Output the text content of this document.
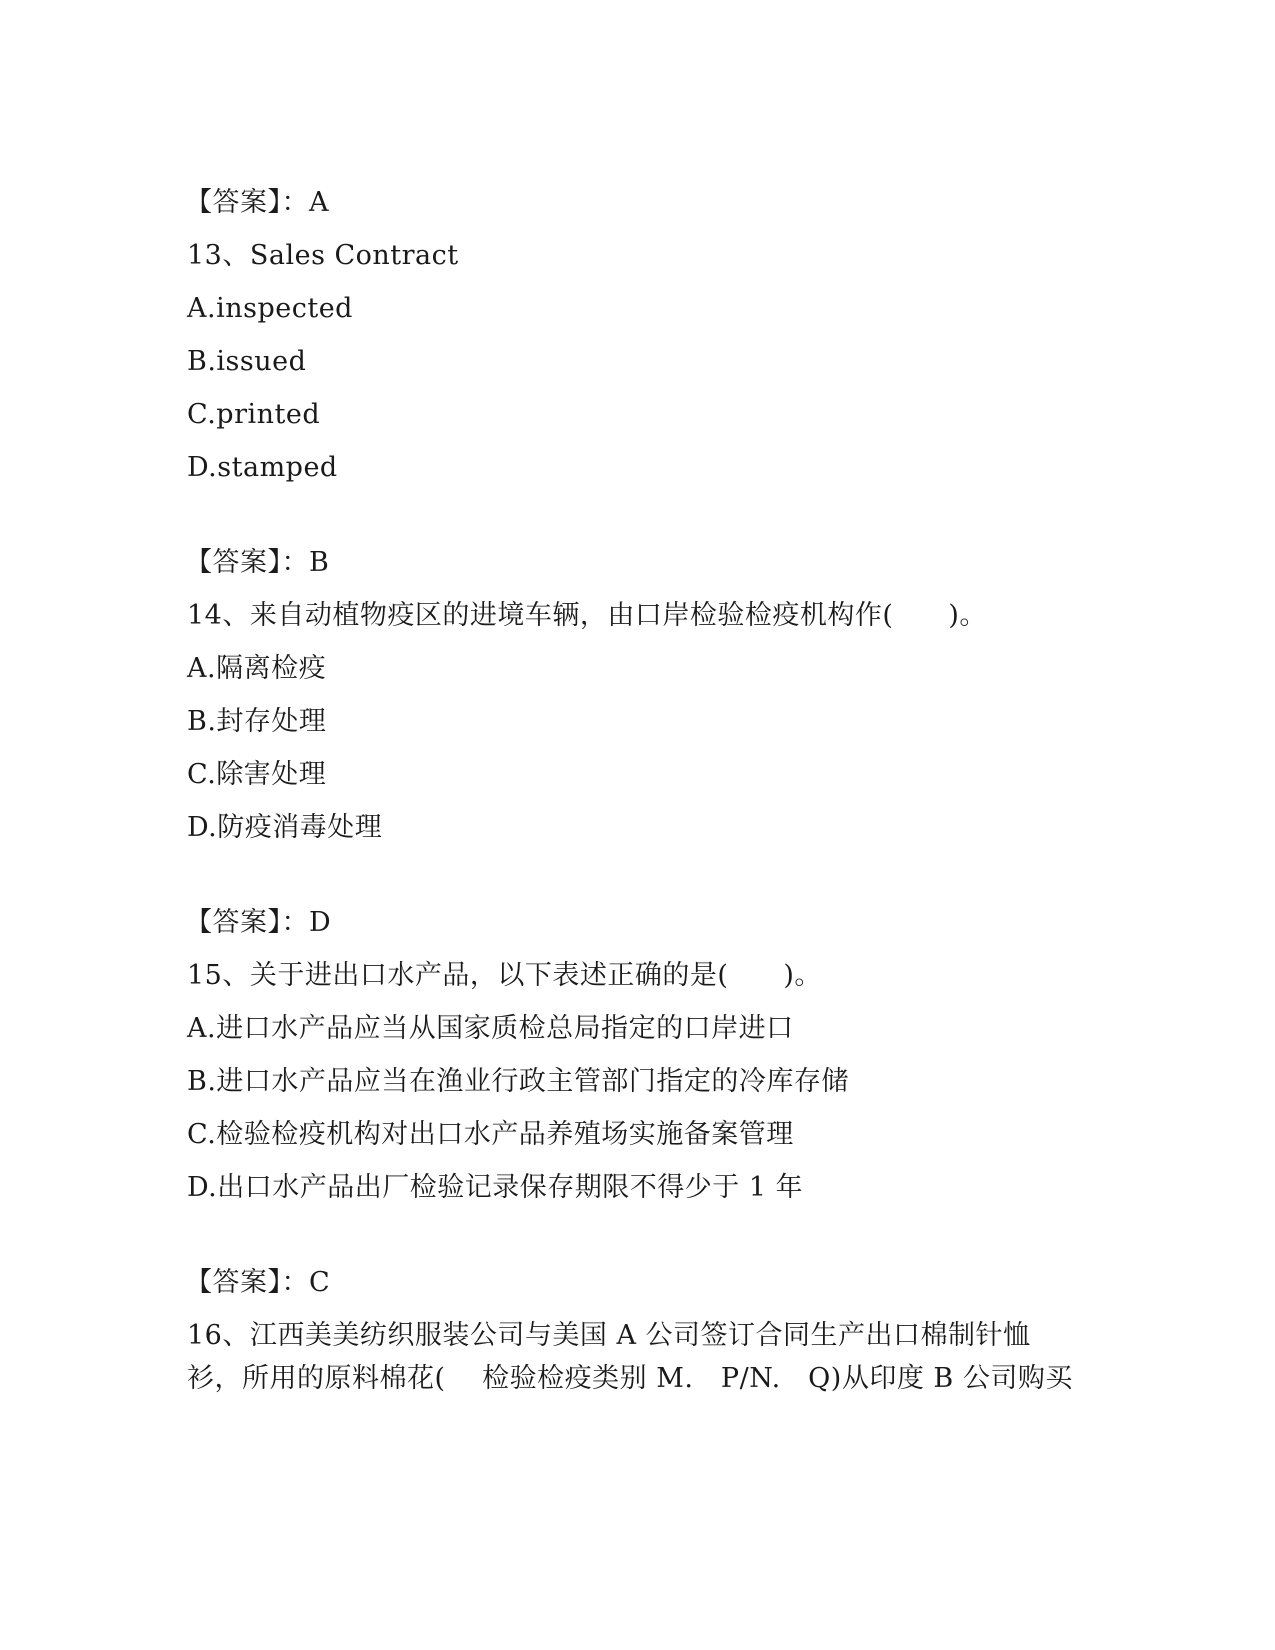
【答案】：A
13、Sales Contract
A.inspected
B.issued
C.printed
D.stamped
【答案】：B
14、来自动植物疫区的进境车辆，由口岸检验检疫机构作(　　)。
A.隔离检疫
B.封存处理
C.除害处理
D.防疫消毒处理
【答案】：D
15、关于进出口水产品，以下表述正确的是(　　)。
A.进口水产品应当从国家质检总局指定的口岸进口
B.进口水产品应当在渔业行政主管部门指定的冷库存储
C.检验检疫机构对出口水产品养殖场实施备案管理
D.出口水产品出厂检验记录保存期限不得少于 1 年
【答案】：C
16、江西美美纺织服装公司与美国 A 公司签订合同生产出口棉制针恤
衫，所用的原料棉花(　 检验检疫类别 M.　P/N.　Q)从印度 B 公司购买
